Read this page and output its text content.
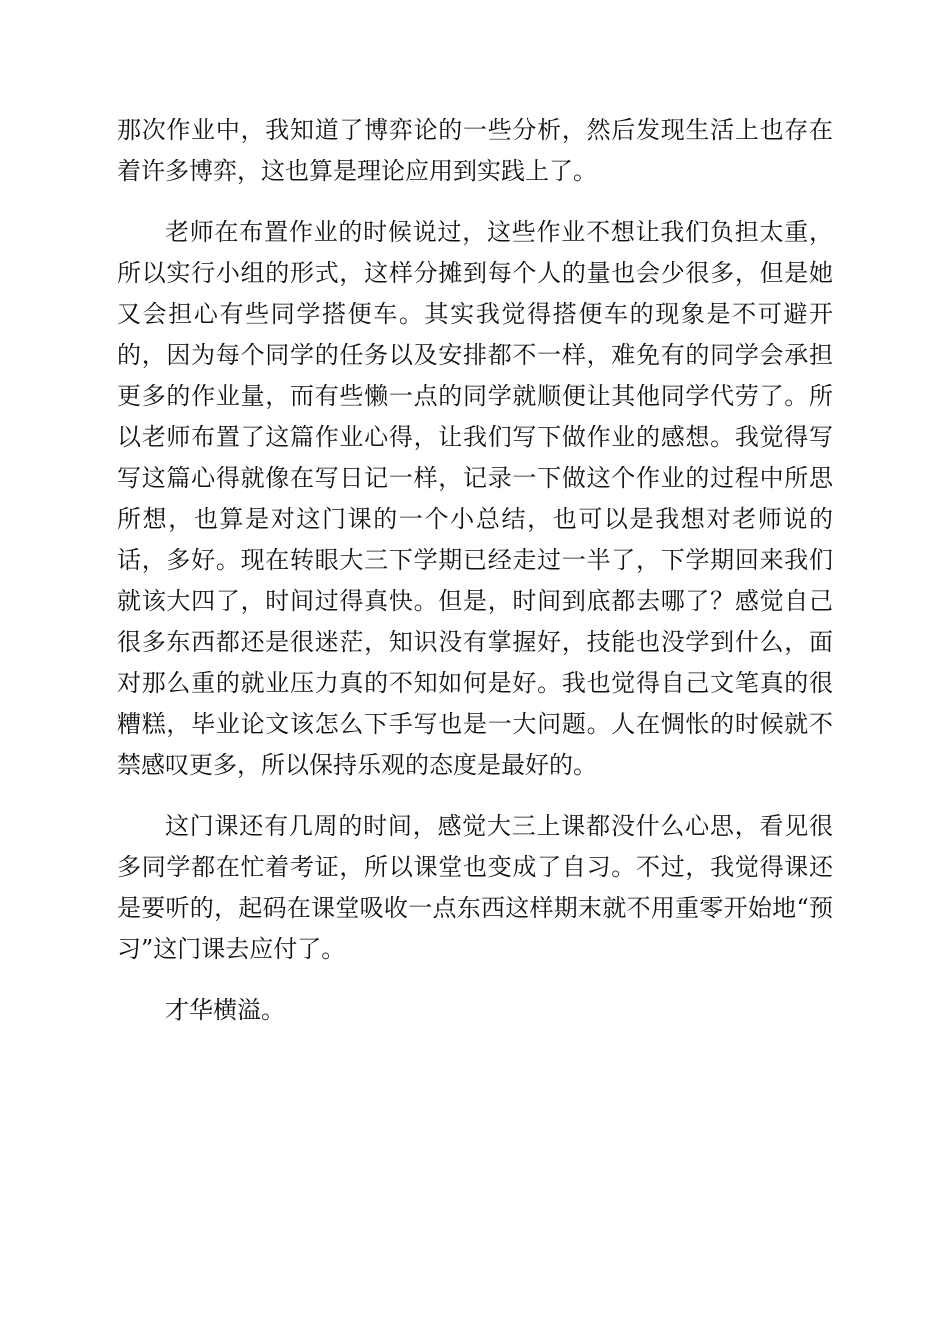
那次作业中，我知道了博弈论的一些分析，然后发现生活上也存在着许多博弈，这也算是理论应用到实践上了。

老师在布置作业的时候说过，这些作业不想让我们负担太重，所以实行小组的形式，这样分摊到每个人的量也会少很多，但是她又会担心有些同学搭便车。其实我觉得搭便车的现象是不可避开的，因为每个同学的任务以及安排都不一样，难免有的同学会承担更多的作业量，而有些懒一点的同学就顺便让其他同学代劳了。所以老师布置了这篇作业心得，让我们写下做作业的感想。我觉得写写这篇心得就像在写日记一样，记录一下做这个作业的过程中所思所想，也算是对这门课的一个小总结，也可以是我想对老师说的话，多好。现在转眼大三下学期已经走过一半了，下学期回来我们就该大四了，时间过得真快。但是，时间到底都去哪了？感觉自己很多东西都还是很迷茫，知识没有掌握好，技能也没学到什么，面对那么重的就业压力真的不知如何是好。我也觉得自己文笔真的很糟糕，毕业论文该怎么下手写也是一大问题。人在惆怅的时候就不禁感叹更多，所以保持乐观的态度是最好的。

这门课还有几周的时间，感觉大三上课都没什么心思，看见很多同学都在忙着考证，所以课堂也变成了自习。不过，我觉得课还是要听的，起码在课堂吸收一点东西这样期末就不用重零开始地“预习”这门课去应付了。

才华横溢。
